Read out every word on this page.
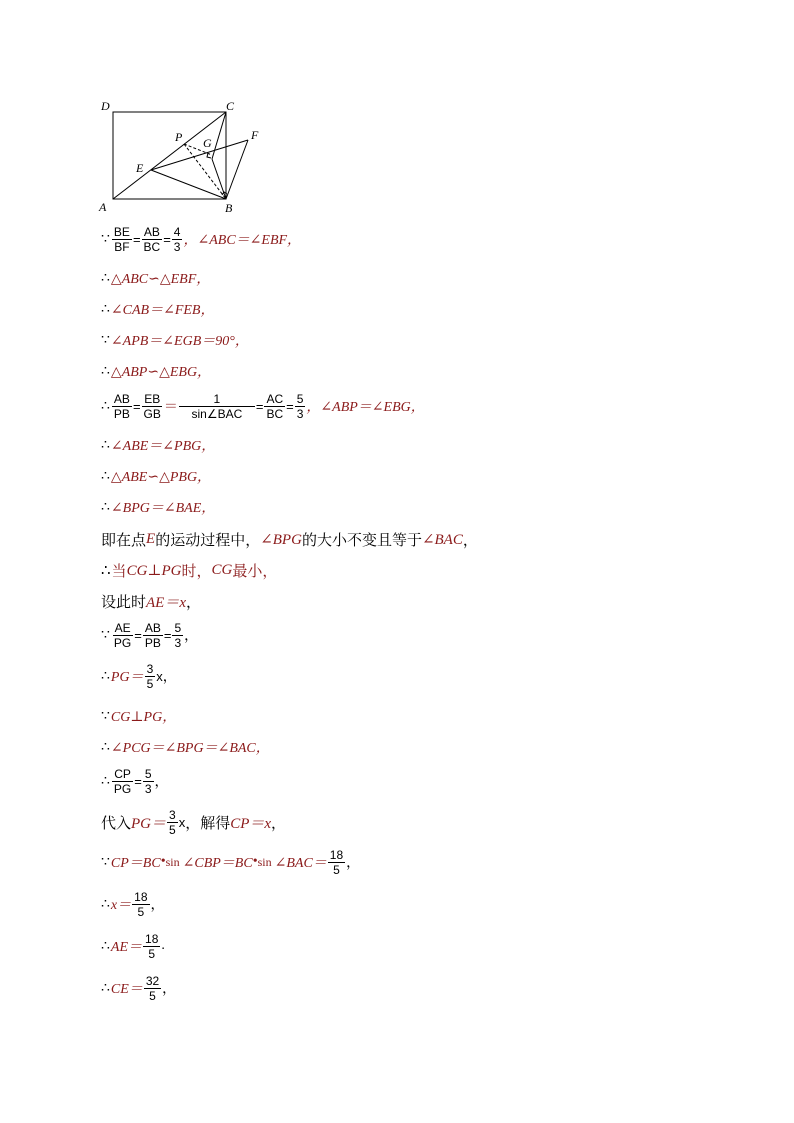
D	C
A	B
E
F
P G
∵ $\frac{BE}{BF} = \frac{AB}{BC} = \frac{4}{3}$ ，∠ABC＝∠EBF，
∴ △ABC∽△EBF，
∴ ∠CAB＝∠FEB，
∵ ∠APB＝∠EGB＝90°，
∴ △ABP∽△EBG，
∴ $\frac{AB}{PB} = \frac{EB}{GB} = \frac{1}{\text{sin∠BAC}} = \frac{AC}{BC} = \frac{5}{3}$ ，∠ABP＝∠EBG，
∴ ∠ABE＝∠PBG，
∴ △ABE∽△PBG，
∴ ∠BPG＝∠BAE，
即在点 E 的运动过程中， ∠BPG 的大小不变且等于 ∠BAC ，
∴ 当 CG⊥PG 时， CG 最小，
设此时 AE＝x ，
∵ $\frac{AE}{PG} = \frac{AB}{PB} = \frac{5}{3}$ ，
∴ $PG= \frac{3}{5}$ x ，
∵ CG⊥PG，
∴ ∠PCG＝∠BPG＝∠BAC，
∴ $\frac{CP}{PG} = \frac{5}{3}$ ，
代入 $PG= \frac{3}{5}$ x ，解得 CP＝x ，
∵ CP＝BC • sin ∠CBP＝BC • sin ∠BAC＝ $\frac{18}{5}$ ，
∴ $x= \frac{18}{5}$ ，
∴ $AE= \frac{18}{5}$ .
∴ $CE= \frac{32}{5}$ ，
